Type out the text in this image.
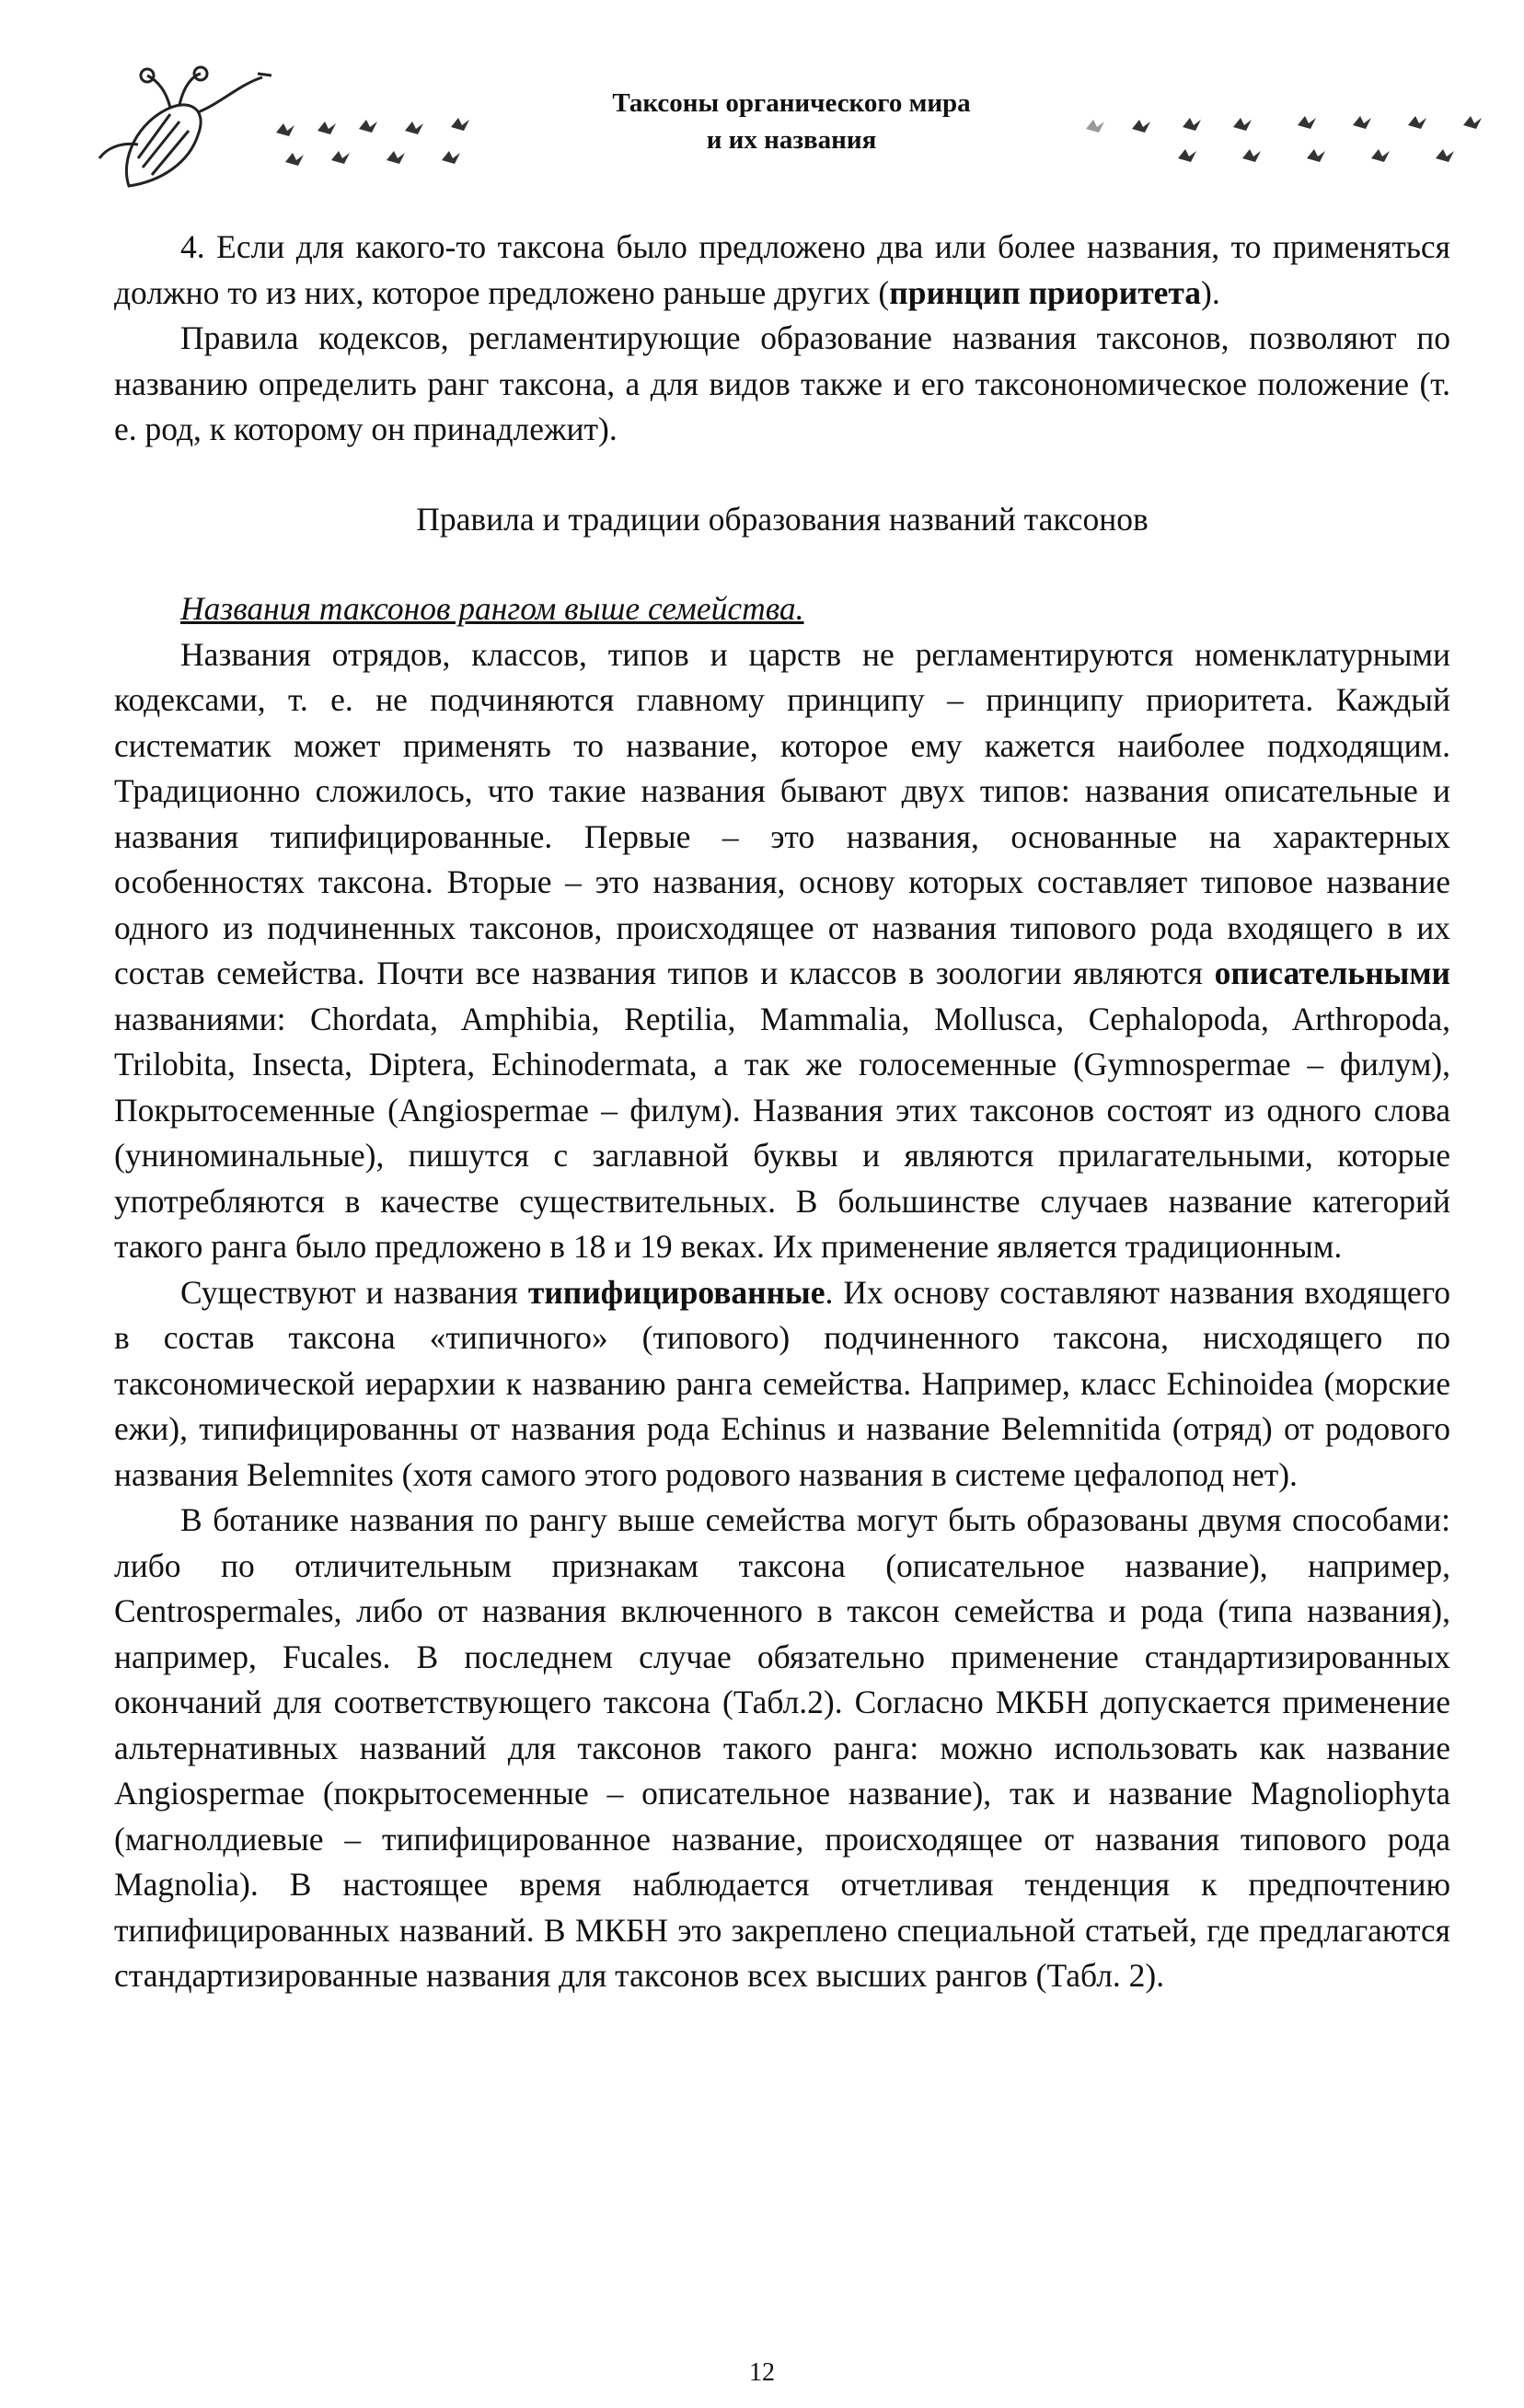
Таксоны органического мира
и их названия

4. Если для какого-то таксона было предложено два или более названия, то применяться должно то из них, которое предложено раньше других (принцип приоритета).

Правила кодексов, регламентирующие образование названия таксонов, позволяют по названию определить ранг таксона, а для видов также и его таксонономическое положение (т. е. род, к которому он принадлежит).

Правила и традиции образования названий таксонов

Названия таксонов рангом выше семейства.

Названия отрядов, классов, типов и царств не регламентируются номенклатурными кодексами, т. е. не подчиняются главному принципу – принципу приоритета. Каждый систематик может применять то название, которое ему кажется наиболее подходящим. Традиционно сложилось, что такие названия бывают двух типов: названия описательные и названия типифицированные. Первые – это названия, основанные на характерных особенностях таксона. Вторые – это названия, основу которых составляет типовое название одного из подчиненных таксонов, происходящее от названия типового рода входящего в их состав семейства. Почти все названия типов и классов в зоологии являются описательными названиями: Chordata, Amphibia, Reptilia, Mammalia, Mollusca, Cephalopoda, Arthropoda, Trilobita, Insecta, Diptera, Echinodermata, а так же голосеменные (Gymnospermae – филум), Покрытосеменные (Angiospermae – филум). Названия этих таксонов состоят из одного слова (униноминальные), пишутся с заглавной буквы и являются прилагательными, которые употребляются в качестве существительных. В большинстве случаев название категорий такого ранга было предложено в 18 и 19 веках. Их применение является традиционным.

Существуют и названия типифицированные. Их основу составляют названия входящего в состав таксона «типичного» (типового) подчиненного таксона, нисходящего по таксономической иерархии к названию ранга семейства. Например, класс Echinoidea (морские ежи), типифицированны от названия рода Echinus и название Belemnitida (отряд) от родового названия Belemnites (хотя самого этого родового названия в системе цефалопод нет).

В ботанике названия по рангу выше семейства могут быть образованы двумя способами: либо по отличительным признакам таксона (описательное название), например, Centrospermales, либо от названия включенного в таксон семейства и рода (типа названия), например, Fucales. В последнем случае обязательно применение стандартизированных окончаний для соответствующего таксона (Табл.2). Согласно МКБН допускается применение альтернативных названий для таксонов такого ранга: можно использовать как название Angiospermae (покрытосеменные – описательное название), так и название Magnoliophyta (магнолдиевые – типифицированное название, происходящее от названия типового рода Magnolia). В настоящее время наблюдается отчетливая тенденция к предпочтению типифицированных названий. В МКБН это закреплено специальной статьей, где предлагаются стандартизированные названия для таксонов всех высших рангов (Табл. 2).

12
